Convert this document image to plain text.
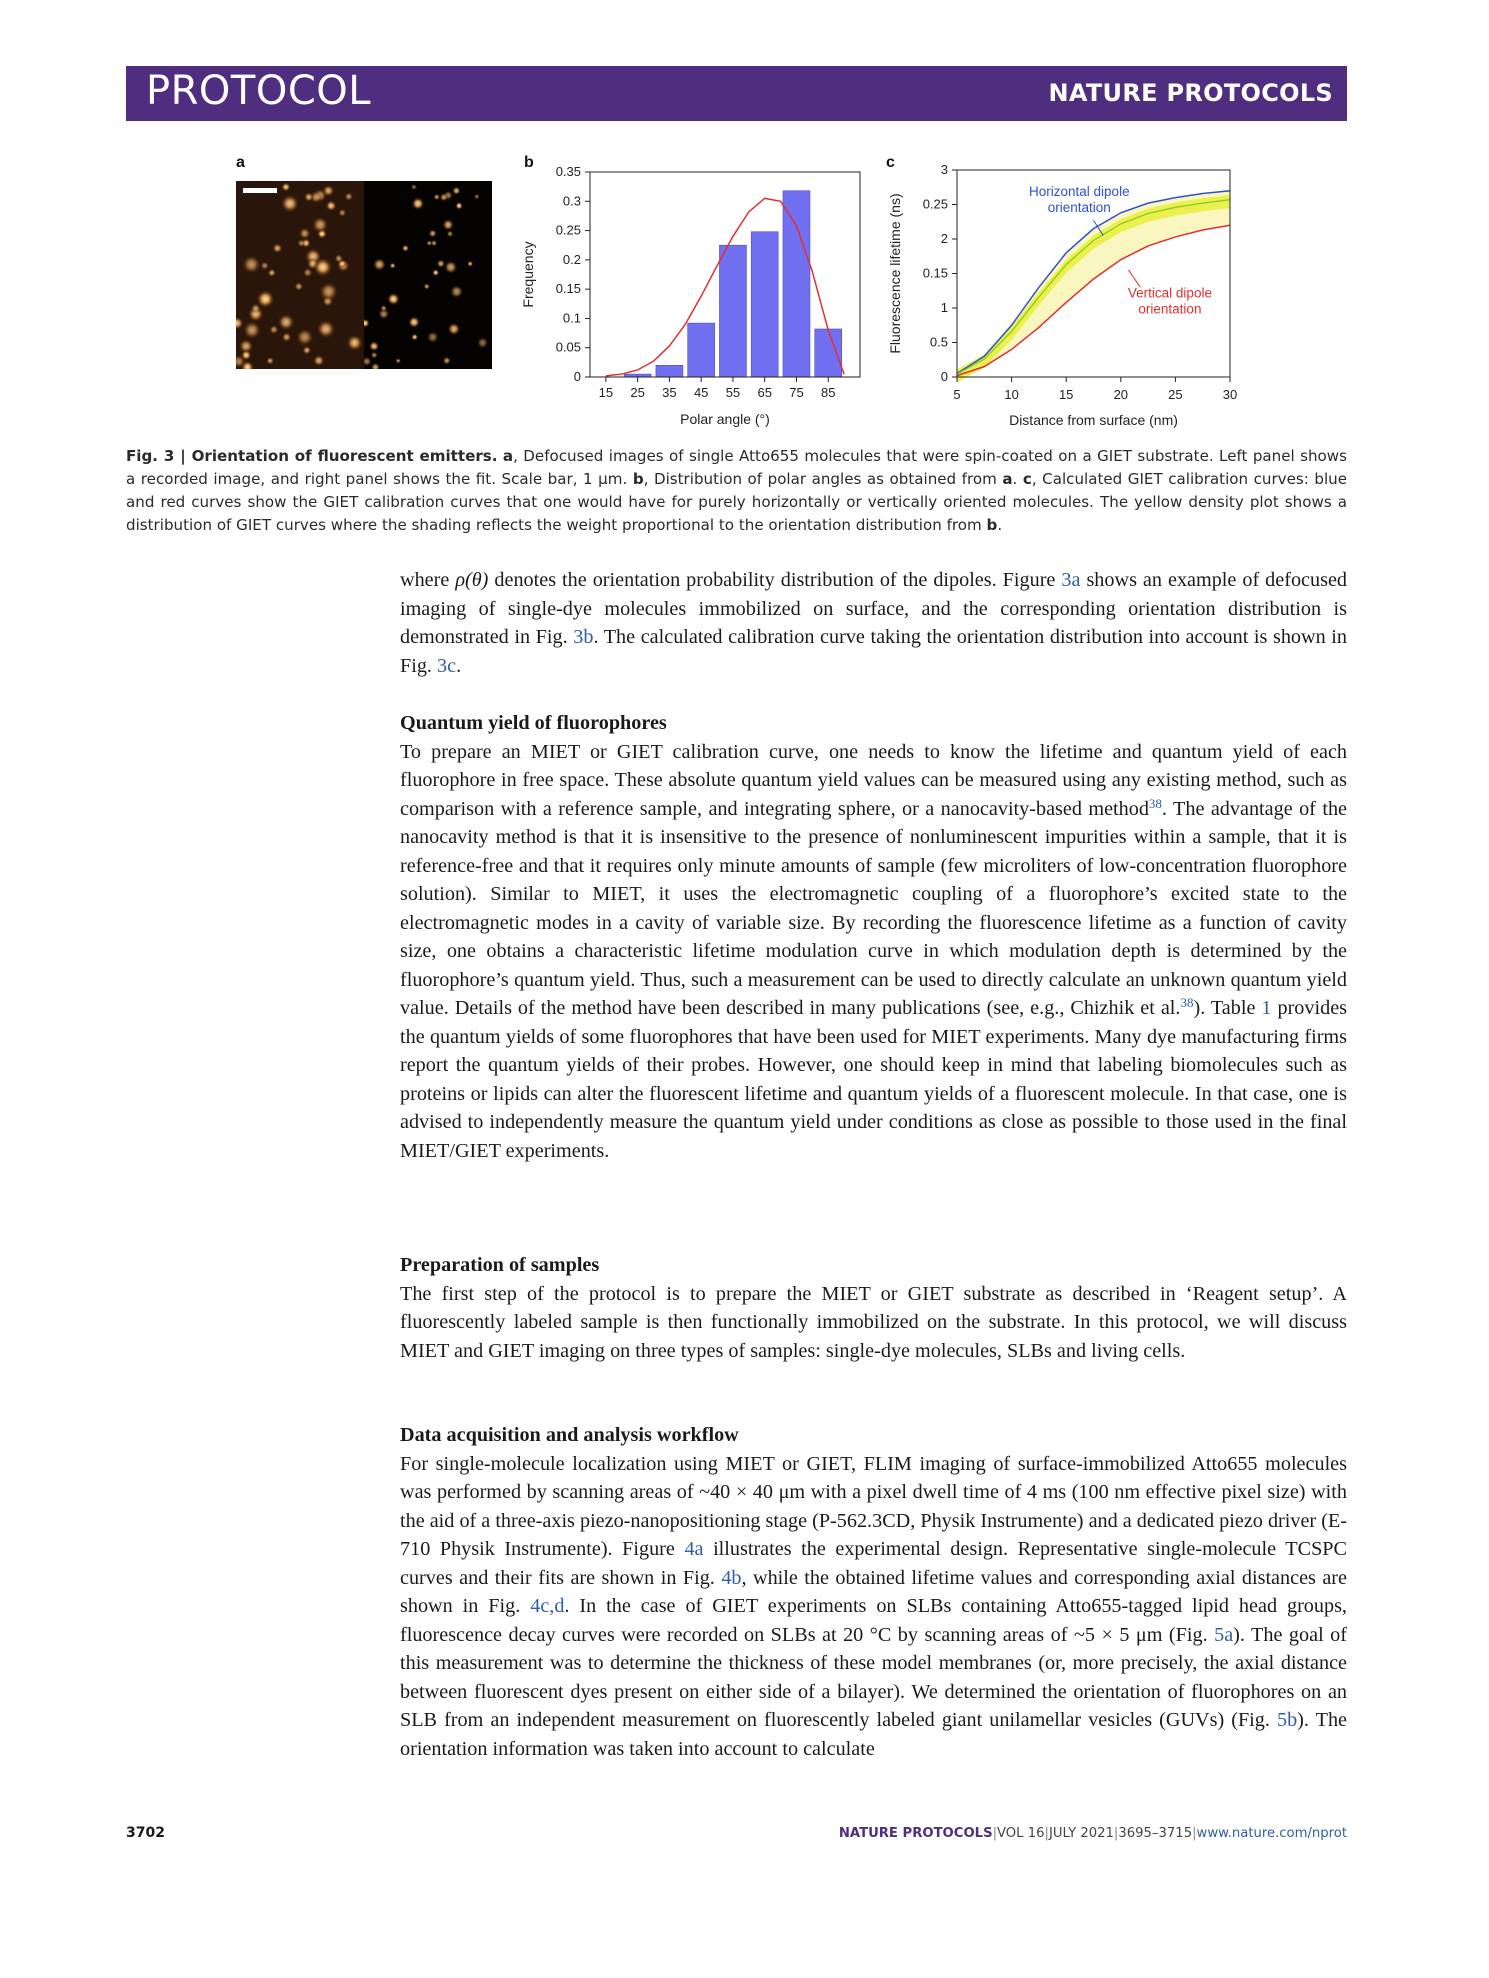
PROTOCOL	NATURE PROTOCOLS
a	b	c
0
0.05
0.1
0.15
0.2
0.25
0.3
0.35
15 25 35 45 55 65 75 85
Polar angle (°)
Frequency
0
0.5
1
0.15
2
0.25
3
5	10	15	20	25	30
Distance from surface (nm)
Fluorescence lifetime (ns)
Horizontal dipole
orientation
Vertical dipole
orientation
Fig. 3 | Orientation of fluorescent emitters. a, Defocused images of single Atto655 molecules that were spin-coated on a GIET substrate. Left panel shows a recorded image, and right panel shows the fit. Scale bar, 1 μm. b, Distribution of polar angles as obtained from a. c, Calculated GIET calibration curves: blue and red curves show the GIET calibration curves that one would have for purely horizontally or vertically oriented molecules. The yellow density plot shows a distribution of GIET curves where the shading reflects the weight proportional to the orientation distribution from b.

where ρ(θ) denotes the orientation probability distribution of the dipoles. Figure 3a shows an example of defocused imaging of single-dye molecules immobilized on surface, and the corresponding orientation distribution is demonstrated in Fig. 3b. The calculated calibration curve taking the orientation distribution into account is shown in Fig. 3c.

Quantum yield of fluorophores

To prepare an MIET or GIET calibration curve, one needs to know the lifetime and quantum yield of each fluorophore in free space. These absolute quantum yield values can be measured using any existing method, such as comparison with a reference sample, and integrating sphere, or a nanocavity-based method$^{38}$. The advantage of the nanocavity method is that it is insensitive to the presence of nonluminescent impurities within a sample, that it is reference-free and that it requires only minute amounts of sample (few microliters of low-concentration fluorophore solution). Similar to MIET, it uses the electromagnetic coupling of a fluorophore’s excited state to the electromagnetic modes in a cavity of variable size. By recording the fluorescence lifetime as a function of cavity size, one obtains a characteristic lifetime modulation curve in which modulation depth is determined by the fluorophore’s quantum yield. Thus, such a measurement can be used to directly calculate an unknown quantum yield value. Details of the method have been described in many publications (see, e.g., Chizhik et al.$^{38}$). Table 1 provides the quantum yields of some fluorophores that have been used for MIET experiments. Many dye manufacturing firms report the quantum yields of their probes. However, one should keep in mind that labeling biomolecules such as proteins or lipids can alter the fluorescent lifetime and quantum yields of a fluorescent molecule. In that case, one is advised to independently measure the quantum yield under conditions as close as possible to those used in the final MIET/GIET experiments.

Preparation of samples

The first step of the protocol is to prepare the MIET or GIET substrate as described in ‘Reagent setup’. A fluorescently labeled sample is then functionally immobilized on the substrate. In this protocol, we will discuss MIET and GIET imaging on three types of samples: single-dye molecules, SLBs and living cells.

Data acquisition and analysis workflow

For single-molecule localization using MIET or GIET, FLIM imaging of surface-immobilized Atto655 molecules was performed by scanning areas of ~40 × 40 μm with a pixel dwell time of 4 ms (100 nm effective pixel size) with the aid of a three-axis piezo-nanopositioning stage (P-562.3CD, Physik Instrumente) and a dedicated piezo driver (E-710 Physik Instrumente). Figure 4a illustrates the experimental design. Representative single-molecule TCSPC curves and their fits are shown in Fig. 4b, while the obtained lifetime values and corresponding axial distances are shown in Fig. 4c,d. In the case of GIET experiments on SLBs containing Atto655-tagged lipid head groups, fluorescence decay curves were recorded on SLBs at 20 °C by scanning areas of ~5 × 5 μm (Fig. 5a). The goal of this measurement was to determine the thickness of these model membranes (or, more precisely, the axial distance between fluorescent dyes present on either side of a bilayer). We determined the orientation of fluorophores on an SLB from an independent measurement on fluorescently labeled giant unilamellar vesicles (GUVs) (Fig. 5b). The orientation information was taken into account to calculate

3702	NATURE PROTOCOLS|VOL 16|JULY 2021|3695–3715|www.nature.com/nprot
